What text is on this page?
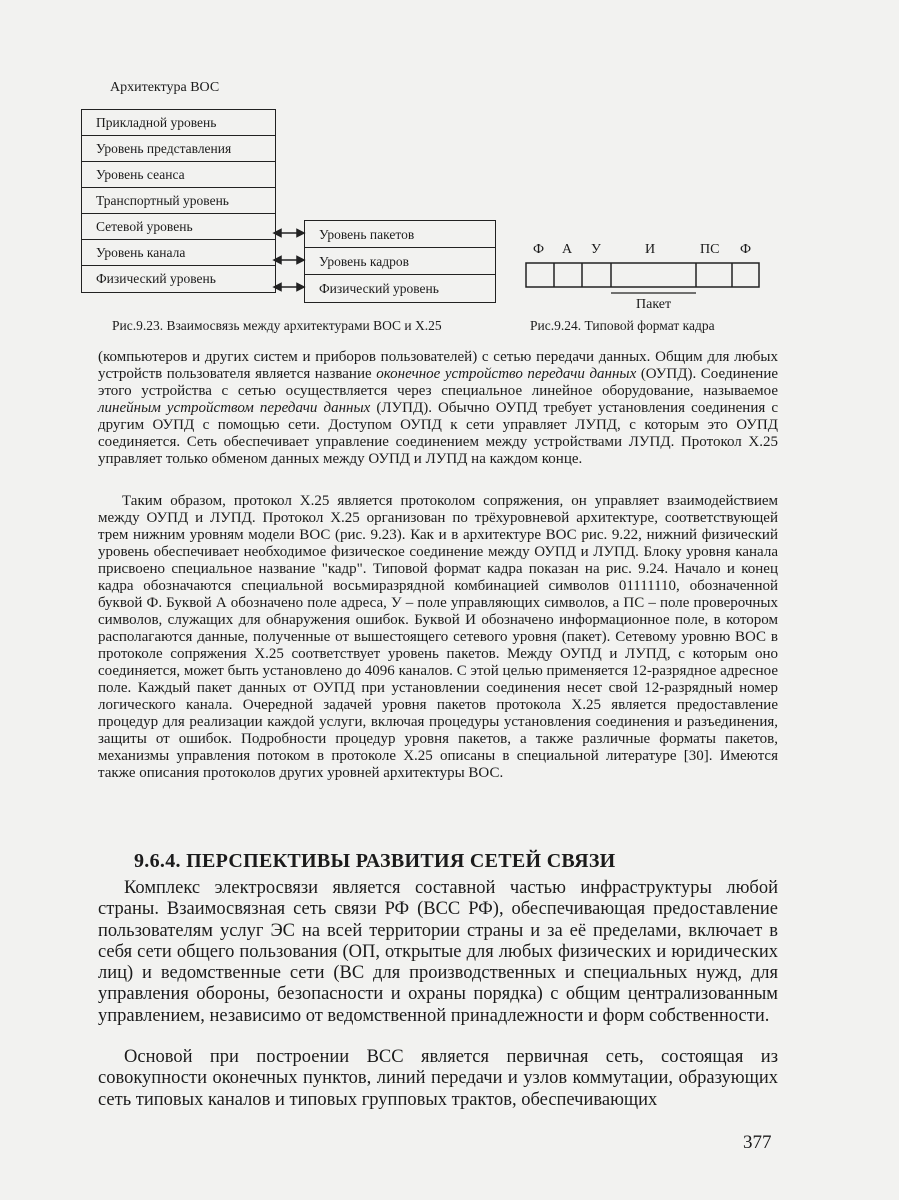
Архитектура ВОС
Прикладной уровень
Уровень представления
Уровень сеанса
Транспортный уровень
Сетевой уровень
Уровень канала
Физический уровень
Уровень пакетов
Уровень кадров
Физический уровень
Рис.9.23. Взаимосвязь между архитектурами ВОС и Х.25
Ф А У	И	ПС Ф
Пакет
Рис.9.24. Типовой формат кадра

(компьютеров и других систем и приборов пользователей) с сетью передачи данных. Общим для любых устройств пользователя является название оконечное устройство передачи данных (ОУПД). Соединение этого устройства с сетью осуществляется через специальное линейное оборудование, называемое линейным устройством передачи данных (ЛУПД). Обычно ОУПД требует установления соединения с другим ОУПД с помощью сети. Доступом ОУПД к сети управляет ЛУПД, с которым это ОУПД соединяется. Сеть обеспечивает управление соединением между устройствами ЛУПД. Протокол Х.25 управляет только обменом данных между ОУПД и ЛУПД на каждом конце.

Таким образом, протокол Х.25 является протоколом сопряжения, он управляет взаимодействием между ОУПД и ЛУПД. Протокол Х.25 организован по трёхуровневой архитектуре, соответствующей трем нижним уровням модели ВОС (рис. 9.23). Как и в архитектуре ВОС рис. 9.22, нижний физический уровень обеспечивает необходимое физическое соединение между ОУПД и ЛУПД. Блоку уровня канала присвоено специальное название "кадр". Типовой формат кадра показан на рис. 9.24. Начало и конец кадра обозначаются специальной восьмиразрядной комбинацией символов 01111110, обозначенной буквой Ф. Буквой А обозначено поле адреса, У – поле управляющих символов, а ПС – поле проверочных символов, служащих для обнаружения ошибок. Буквой И обозначено информационное поле, в котором располагаются данные, полученные от вышестоящего сетевого уровня (пакет). Сетевому уровню ВОС в протоколе сопряжения Х.25 соответствует уровень пакетов. Между ОУПД и ЛУПД, с которым оно соединяется, может быть установлено до 4096 каналов. С этой целью применяется 12-разрядное адресное поле. Каждый пакет данных от ОУПД при установлении соединения несет свой 12-разрядный номер логического канала. Очередной задачей уровня пакетов протокола Х.25 является предоставление процедур для реализации каждой услуги, включая процедуры установления соединения и разъединения, защиты от ошибок. Подробности процедур уровня пакетов, а также различные форматы пакетов, механизмы управления потоком в протоколе Х.25 описаны в специальной литературе [30]. Имеются также описания протоколов других уровней архитектуры ВОС.

9.6.4. ПЕРСПЕКТИВЫ РАЗВИТИЯ СЕТЕЙ СВЯЗИ

Комплекс электросвязи является составной частью инфраструктуры любой страны. Взаимосвязная сеть связи РФ (ВСС РФ), обеспечивающая предоставление пользователям услуг ЭС на всей территории страны и за её пределами, включает в себя сети общего пользования (ОП, открытые для любых физических и юридических лиц) и ведомственные сети (ВС для производственных и специальных нужд, для управления обороны, безопасности и охраны порядка) с общим централизованным управлением, независимо от ведомственной принадлежности и форм собственности.

Основой при построении ВСС является первичная сеть, состоящая из совокупности оконечных пунктов, линий передачи и узлов коммутации, образующих сеть типовых каналов и типовых групповых трактов, обеспечивающих

377
